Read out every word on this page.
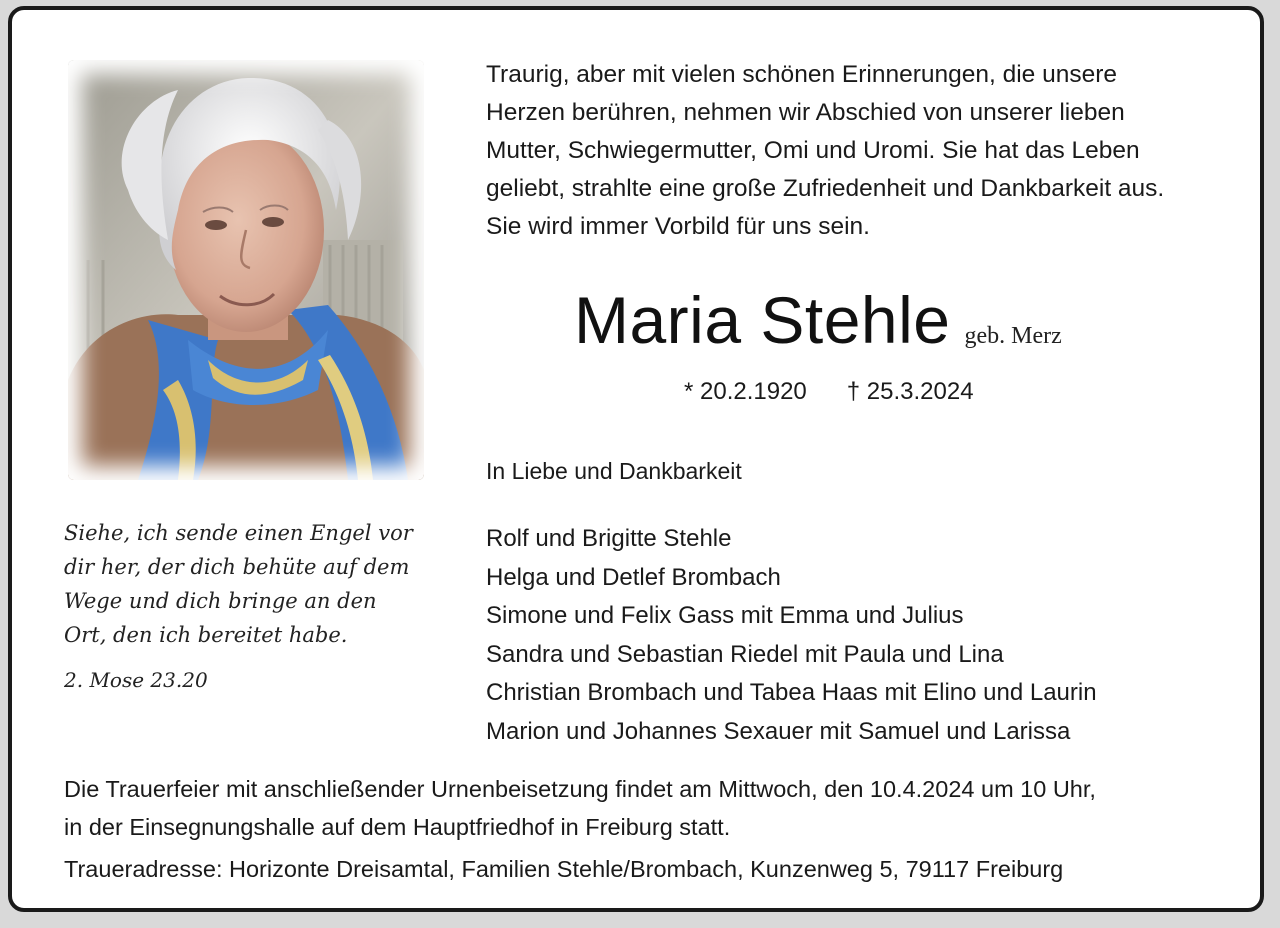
Traurig, aber mit vielen schönen Erinnerungen, die unsere
Herzen berühren, nehmen wir Abschied von unserer lieben
Mutter, Schwiegermutter, Omi und Uromi. Sie hat das Leben
geliebt, strahlte eine große Zufriedenheit und Dankbarkeit aus.
Sie wird immer Vorbild für uns sein.
Maria Stehle geb. Merz
* 20.2.1920 † 25.3.2024
In Liebe und Dankbarkeit
Rolf und Brigitte Stehle
Helga und Detlef Brombach
Simone und Felix Gass mit Emma und Julius
Sandra und Sebastian Riedel mit Paula und Lina
Christian Brombach und Tabea Haas mit Elino und Laurin
Marion und Johannes Sexauer mit Samuel und Larissa
Siehe, ich sende einen Engel vor
dir her, der dich behüte auf dem
Wege und dich bringe an den
Ort, den ich bereitet habe.
2. Mose 23.20
Die Trauerfeier mit anschließender Urnenbeisetzung findet am Mittwoch, den 10.4.2024 um 10 Uhr,
in der Einsegnungshalle auf dem Hauptfriedhof in Freiburg statt.
Traueradresse: Horizonte Dreisamtal, Familien Stehle/Brombach, Kunzenweg 5, 79117 Freiburg
